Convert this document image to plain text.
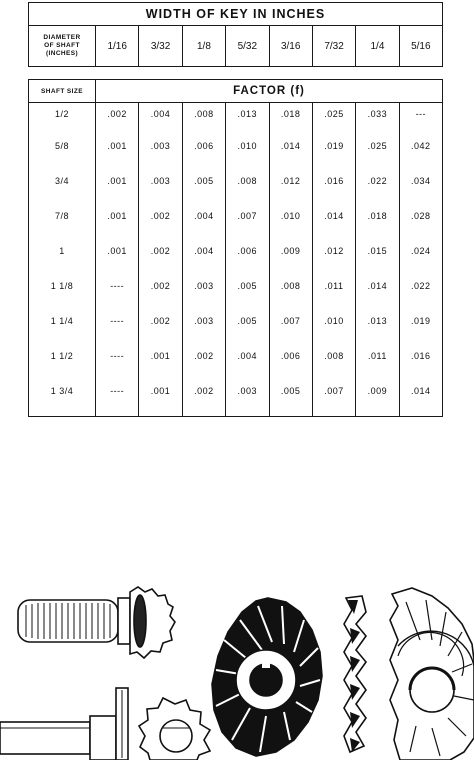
WIDTH OF KEY IN INCHES

DIAMETER
OF SHAFT
(INCHES)
	1/16	3/32	1/8	5/32	3/16	7/32	1/4	5/16
SHAFT SIZE	FACTOR (f)							
1/2	.002	.004	.008	.013	.018	.025	.033	---
5/8	.001	.003	.006	.010	.014	.019	.025	.042
3/4	.001	.003	.005	.008	.012	.016	.022	.034
7/8	.001	.002	.004	.007	.010	.014	.018	.028
1	.001	.002	.004	.006	.009	.012	.015	.024
1 1/8	----	.002	.003	.005	.008	.011	.014	.022
1 1/4	----	.002	.003	.005	.007	.010	.013	.019
1 1/2	----	.001	.002	.004	.006	.008	.011	.016
1 3/4	----	.001	.002	.003	.005	.007	.009	.014
